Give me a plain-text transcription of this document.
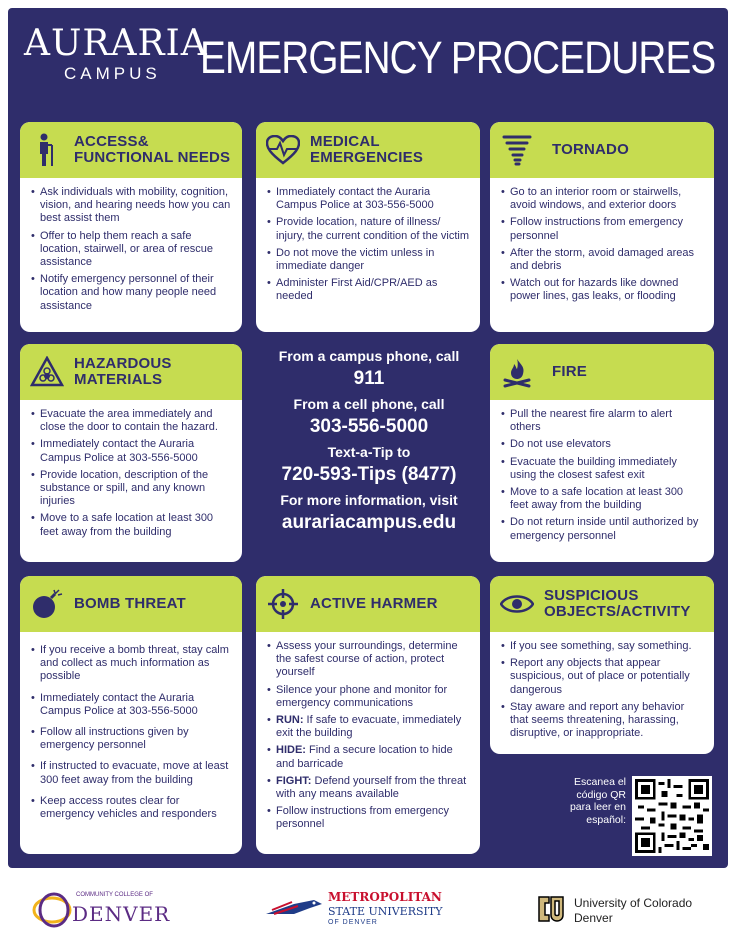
AURARIA
CAMPUS EMERGENCY PROCEDURES
ACCESS&
FUNCTIONAL NEEDS
• Ask individuals with mobility, cognition, vision, and hearing needs how you can best assist them
• Offer to help them reach a safe location, stairwell, or area of rescue assistance
• Notify emergency personnel of their location and how many people need assistance
MEDICAL
EMERGENCIES
• Immediately contact the Auraria Campus Police at 303-556-5000
• Provide location, nature of illness/ injury, the current condition of the victim
• Do not move the victim unless in immediate danger
• Administer First Aid/CPR/AED as needed
TORNADO
• Go to an interior room or stairwells, avoid windows, and exterior doors
• Follow instructions from emergency personnel
• After the storm, avoid damaged areas and debris
• Watch out for hazards like downed power lines, gas leaks, or flooding
HAZARDOUS
MATERIALS
• Evacuate the area immediately and close the door to contain the hazard.
• Immediately contact the Auraria Campus Police at 303-556-5000
• Provide location, description of the substance or spill, and any known injuries
• Move to a safe location at least 300 feet away from the building
From a campus phone, call
911
From a cell phone, call
303-556-5000
Text-a-Tip to
720-593-Tips (8477)
For more information, visit
aurariacampus.edu
FIRE
• Pull the nearest fire alarm to alert others
• Do not use elevators
• Evacuate the building immediately using the closest safest exit
• Move to a safe location at least 300 feet away from the building
• Do not return inside until authorized by emergency personnel
BOMB THREAT
• If you receive a bomb threat, stay calm and collect as much information as possible
• Immediately contact the Auraria Campus Police at 303-556-5000
• Follow all instructions given by emergency personnel
• If instructed to evacuate, move at least 300 feet away from the building
• Keep access routes clear for emergency vehicles and responders
ACTIVE HARMER
• Assess your surroundings, determine the safest course of action, protect yourself
• Silence your phone and monitor for emergency communications
• RUN: If safe to evacuate, immediately exit the building
• HIDE: Find a secure location to hide and barricade
• FIGHT: Defend yourself from the threat with any means available
• Follow instructions from emergency personnel
SUSPICIOUS
OBJECTS/ACTIVITY
• If you see something, say something.
• Report any objects that appear suspicious, out of place or potentially dangerous
• Stay aware and report any behavior that seems threatening, harassing, disruptive, or inappropriate.
Escanea el
código QR
para leer en
español:
COMMUNITY COLLEGE OF
DENVER
METROPOLITAN
STATE UNIVERSITY
OF DENVER
University of Colorado
Denver
